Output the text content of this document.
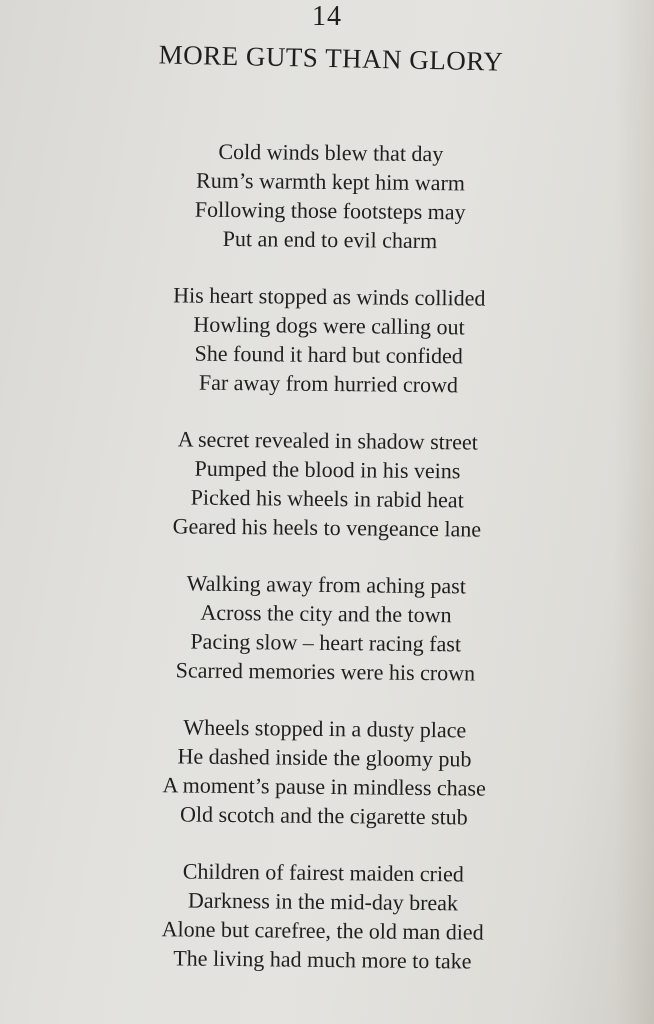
14
MORE GUTS THAN GLORY
Cold winds blew that day
Rum’s warmth kept him warm
Following those footsteps may
Put an end to evil charm
His heart stopped as winds collided
Howling dogs were calling out
She found it hard but confided
Far away from hurried crowd
A secret revealed in shadow street
Pumped the blood in his veins
Picked his wheels in rabid heat
Geared his heels to vengeance lane
Walking away from aching past
Across the city and the town
Pacing slow – heart racing fast
Scarred memories were his crown
Wheels stopped in a dusty place
He dashed inside the gloomy pub
A moment’s pause in mindless chase
Old scotch and the cigarette stub
Children of fairest maiden cried
Darkness in the mid-day break
Alone but carefree, the old man died
The living had much more to take
